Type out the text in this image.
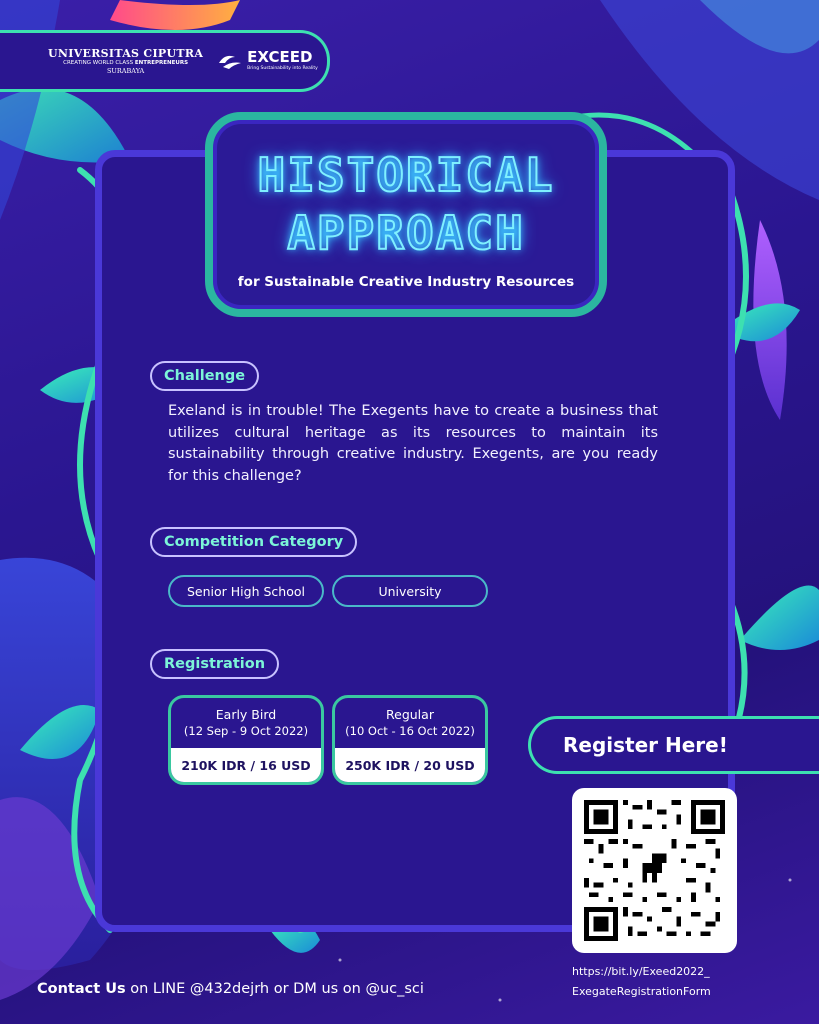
UNIVERSITAS CIPUTRA
CREATING WORLD CLASS ENTREPRENEURS
SURABAYA
EXCEED
Bring Sustainability into Reality
HISTORICAL
APPROACH
for Sustainable Creative Industry Resources
Challenge
Exeland is in trouble! The Exegents have to create a business that utilizes cultural heritage as its resources to maintain its sustainability through creative industry. Exegents, are you ready for this challenge?
Competition Category
Senior High School	University
Registration
Early Bird
(12 Sep - 9 Oct 2022)
210K IDR / 16 USD
Regular
(10 Oct - 16 Oct 2022)
250K IDR / 20 USD
Register Here!
https://bit.ly/Exeed2022_
ExegateRegistrationForm
Contact Us on LINE @432dejrh or DM us on @uc_sci
